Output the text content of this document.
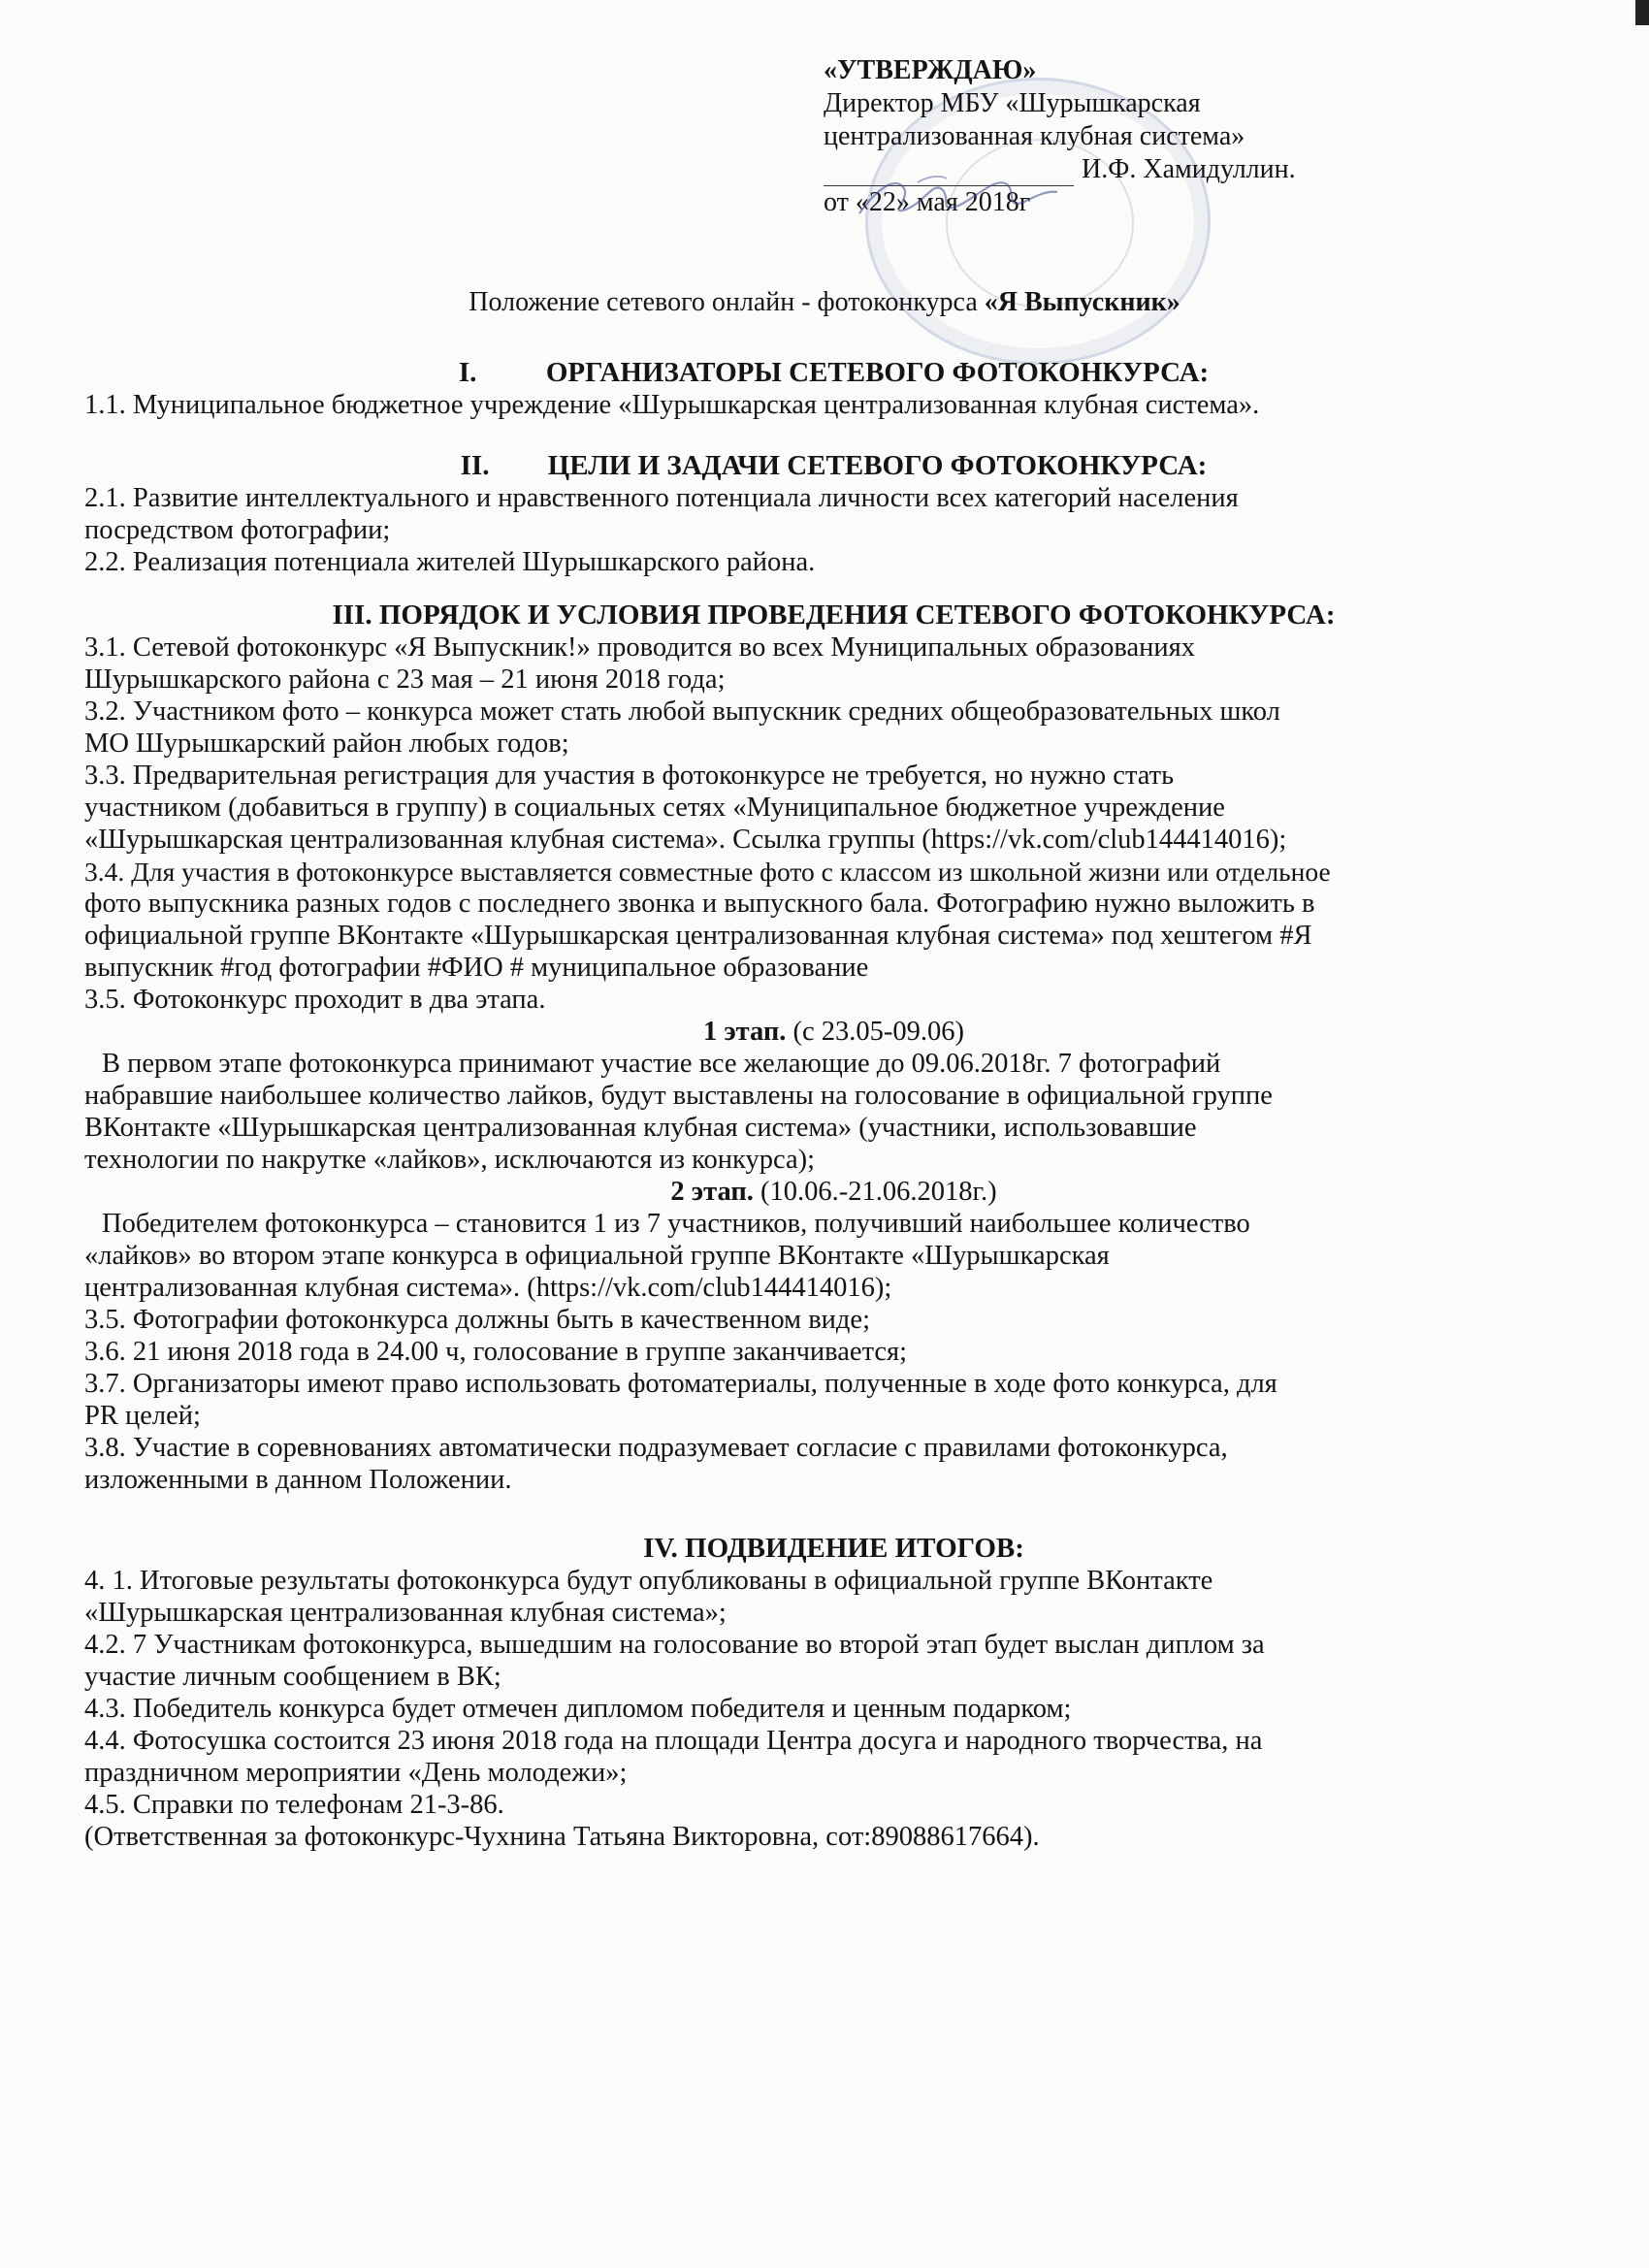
«УТВЕРЖДАЮ»
Директор МБУ «Шурышкарская
централизованная клубная система»
И.Ф. Хамидуллин.
от «22» мая 2018г
Положение сетевого онлайн - фотоконкурса «Я Выпускник»
I. ОРГАНИЗАТОРЫ СЕТЕВОГО ФОТОКОНКУРСА:

1.1. Муниципальное бюджетное учреждение «Шурышкарская централизованная клубная система».

II. ЦЕЛИ И ЗАДАЧИ СЕТЕВОГО ФОТОКОНКУРСА:

2.1. Развитие интеллектуального и нравственного потенциала личности всех категорий населения

посредством фотографии;

2.2. Реализация потенциала жителей Шурышкарского района.

III. ПОРЯДОК И УСЛОВИЯ ПРОВЕДЕНИЯ СЕТЕВОГО ФОТОКОНКУРСА:

3.1. Сетевой фотоконкурс «Я Выпускник!» проводится во всех Муниципальных образованиях

Шурышкарского района с 23 мая – 21 июня 2018 года;

3.2. Участником фото – конкурса может стать любой выпускник средних общеобразовательных школ

МО Шурышкарский район любых годов;

3.3. Предварительная регистрация для участия в фотоконкурсе не требуется, но нужно стать

участником (добавиться в группу) в социальных сетях «Муниципальное бюджетное учреждение

«Шурышкарская централизованная клубная система». Ссылка группы (https://vk.com/club144414016);

3.4. Для участия в фотоконкурсе выставляется совместные фото с классом из школьной жизни или отдельное

фото выпускника разных годов с последнего звонка и выпускного бала. Фотографию нужно выложить в

официальной группе ВКонтакте «Шурышкарская централизованная клубная система» под хештегом #Я

выпускник #год фотографии #ФИО # муниципальное образование

3.5. Фотоконкурс проходит в два этапа.

1 этап. (с 23.05-09.06)

В первом этапе фотоконкурса принимают участие все желающие до 09.06.2018г. 7 фотографий

набравшие наибольшее количество лайков, будут выставлены на голосование в официальной группе

ВКонтакте «Шурышкарская централизованная клубная система» (участники, использовавшие

технологии по накрутке «лайков», исключаются из конкурса);

2 этап. (10.06.-21.06.2018г.)

Победителем фотоконкурса – становится 1 из 7 участников, получивший наибольшее количество

«лайков» во втором этапе конкурса в официальной группе ВКонтакте «Шурышкарская

централизованная клубная система». (https://vk.com/club144414016);

3.5. Фотографии фотоконкурса должны быть в качественном виде;

3.6. 21 июня 2018 года в 24.00 ч, голосование в группе заканчивается;

3.7. Организаторы имеют право использовать фотоматериалы, полученные в ходе фото конкурса, для

PR целей;

3.8. Участие в соревнованиях автоматически подразумевает согласие с правилами фотоконкурса,

изложенными в данном Положении.

IV. ПОДВИДЕНИЕ ИТОГОВ:

4. 1. Итоговые результаты фотоконкурса будут опубликованы в официальной группе ВКонтакте

«Шурышкарская централизованная клубная система»;

4.2. 7 Участникам фотоконкурса, вышедшим на голосование во второй этап будет выслан диплом за

участие личным сообщением в ВК;

4.3. Победитель конкурса будет отмечен дипломом победителя и ценным подарком;

4.4. Фотосушка состоится 23 июня 2018 года на площади Центра досуга и народного творчества, на

праздничном мероприятии «День молодежи»;

4.5. Справки по телефонам 21-3-86.

(Ответственная за фотоконкурс-Чухнина Татьяна Викторовна, сот:89088617664).
